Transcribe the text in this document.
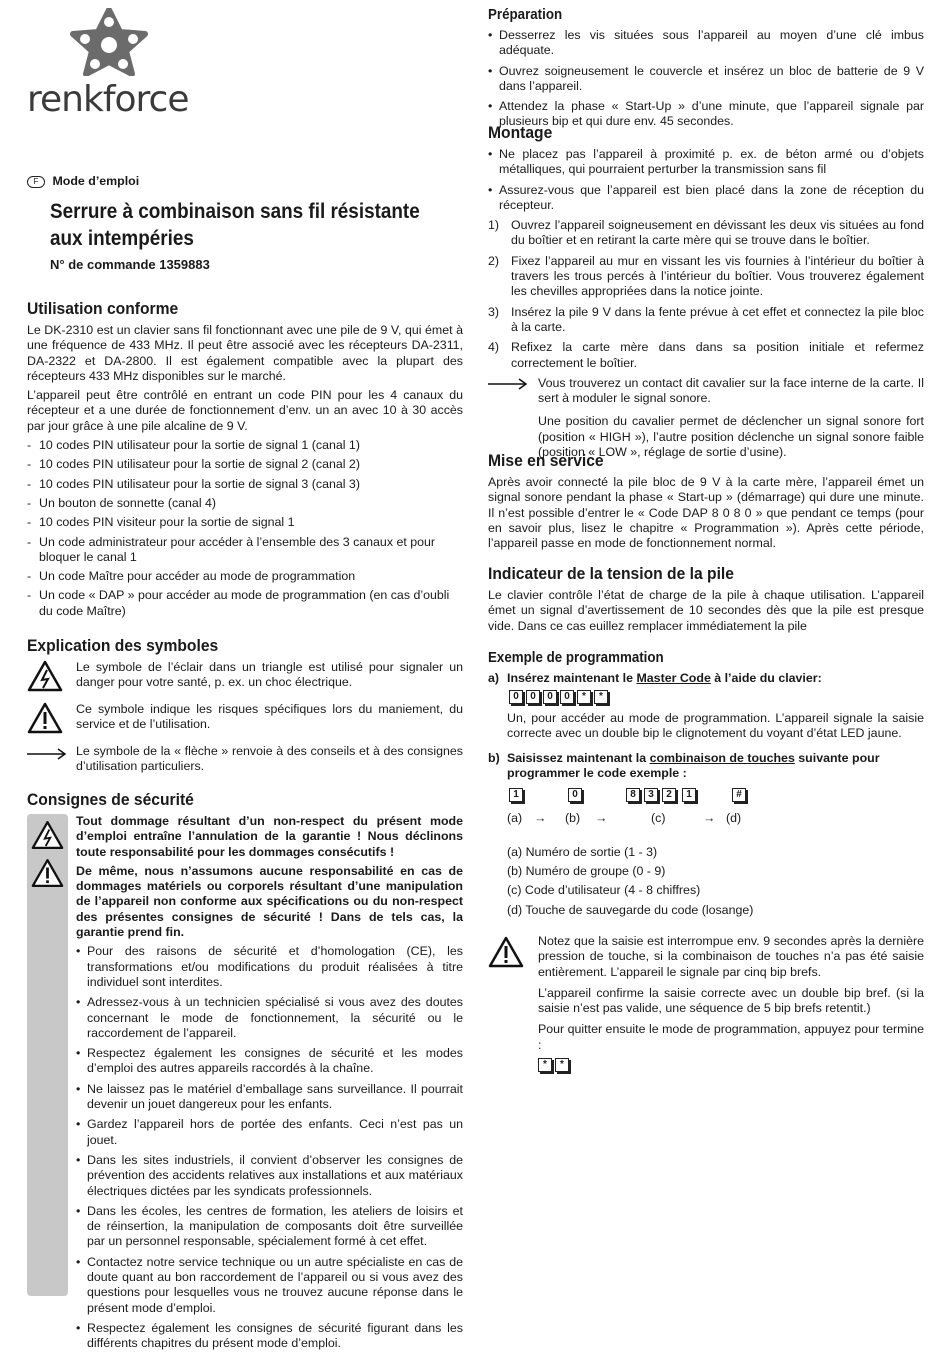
renkforce
F Mode d’emploi
Serrure à combinaison sans fil résistante aux intempéries
N° de commande 1359883
Utilisation conforme

Le DK-2310 est un clavier sans fil fonctionnant avec une pile de 9 V, qui émet à une fréquence de 433 MHz. Il peut être associé avec les récepteurs DA-2311, DA-2322 et DA-2800. Il est également compatible avec la plupart des récepteurs 433 MHz disponibles sur le marché.

L’appareil peut être contrôlé en entrant un code PIN pour les 4 canaux du récepteur et a une durée de fonctionnement d’env. un an avec 10 à 30 accès par jour grâce à une pile alcaline de 9 V.

- 10 codes PIN utilisateur pour la sortie de signal 1 (canal 1)
- 10 codes PIN utilisateur pour la sortie de signal 2 (canal 2)
- 10 codes PIN utilisateur pour la sortie de signal 3 (canal 3)
- Un bouton de sonnette (canal 4)
- 10 codes PIN visiteur pour la sortie de signal 1
- Un code administrateur pour accéder à l’ensemble des 3 canaux et pour bloquer le canal 1
- Un code Maître pour accéder au mode de programmation
- Un code « DAP » pour accéder au mode de programmation (en cas d’oubli du code Maître)
Explication des symboles
Le symbole de l’éclair dans un triangle est utilisé pour signaler un danger pour votre santé, p. ex. un choc électrique.
Ce symbole indique les risques spécifiques lors du maniement, du service et de l’utilisation.
Le symbole de la « flèche » renvoie à des conseils et à des consignes d’utilisation particuliers.
Consignes de sécurité

Tout dommage résultant d’un non-respect du présent mode d’emploi entraîne l’annulation de la garantie ! Nous déclinons toute responsabilité pour les dommages consécutifs !

De même, nous n’assumons aucune responsabilité en cas de dommages matériels ou corporels résultant d’une manipulation de l’appareil non conforme aux spécifications ou du non-respect des présentes consignes de sécurité ! Dans de tels cas, la garantie prend fin.

• Pour des raisons de sécurité et d’homologation (CE), les transformations et/ou modifications du produit réalisées à titre individuel sont interdites.
• Adressez-vous à un technicien spécialisé si vous avez des doutes concernant le mode de fonctionnement, la sécurité ou le raccordement de l’appareil.
• Respectez également les consignes de sécurité et les modes d’emploi des autres appareils raccordés à la chaîne.
• Ne laissez pas le matériel d’emballage sans surveillance. Il pourrait devenir un jouet dangereux pour les enfants.
• Gardez l’appareil hors de portée des enfants. Ceci n’est pas un jouet.
• Dans les sites industriels, il convient d’observer les consignes de prévention des accidents relatives aux installations et aux matériaux électriques dictées par les syndicats professionnels.
• Dans les écoles, les centres de formation, les ateliers de loisirs et de réinsertion, la manipulation de composants doit être surveillée par un personnel responsable, spécialement formé à cet effet.
• Contactez notre service technique ou un autre spécialiste en cas de doute quant au bon raccordement de l’appareil ou si vous avez des questions pour lesquelles vous ne trouvez aucune réponse dans le présent mode d’emploi.
• Respectez également les consignes de sécurité figurant dans les différents chapitres du présent mode d’emploi.
Préparation
• Desserrez les vis situées sous l’appareil au moyen d’une clé imbus adéquate.
• Ouvrez soigneusement le couvercle et insérez un bloc de batterie de 9 V dans l’appareil.
• Attendez la phase « Start-Up » d’une minute, que l’appareil signale par plusieurs bip et qui dure env. 45 secondes.
Montage
• Ne placez pas l’appareil à proximité p. ex. de béton armé ou d’objets métalliques, qui pourraient perturber la transmission sans fil
• Assurez-vous que l’appareil est bien placé dans la zone de réception du récepteur.
1) Ouvrez l’appareil soigneusement en dévissant les deux vis situées au fond du boîtier et en retirant la carte mère qui se trouve dans le boîtier.
2) Fixez l’appareil au mur en vissant les vis fournies à l’intérieur du boîtier à travers les trous percés à l’intérieur du boîtier. Vous trouverez également les chevilles appropriées dans la notice jointe.
3) Insérez la pile 9 V dans la fente prévue à cet effet et connectez la pile bloc à la carte.
4) Refixez la carte mère dans dans sa position initiale et refermez correctement le boîtier.

Vous trouverez un contact dit cavalier sur la face interne de la carte. Il sert à moduler le signal sonore.

Une position du cavalier permet de déclencher un signal sonore fort (position « HIGH »), l’autre position déclenche un signal sonore faible (position « LOW », réglage de sortie d’usine).

Mise en service

Après avoir connecté la pile bloc de 9 V à la carte mère, l’appareil émet un signal sonore pendant la phase « Start-up » (démarrage) qui dure une minute. Il n’est possible d’entrer le « Code DAP 8 0 8 0 » que pendant ce temps (pour en savoir plus, lisez le chapitre « Programmation »). Après cette période, l’appareil passe en mode de fonctionnement normal.

Indicateur de la tension de la pile

Le clavier contrôle l’état de charge de la pile à chaque utilisation. L’appareil émet un signal d’avertissement de 10 secondes dès que la pile est presque vide. Dans ce cas euillez remplacer immédiatement la pile

Exemple de programmation
a) Insérez maintenant le Master Code à l’aide du clavier:
0 0 0 0 * *

Un, pour accéder au mode de programmation. L’appareil signale la saisie correcte avec un double bip le clignotement du voyant d’état LED jaune.

b) Saisissez maintenant la combinaison de touches suivante pour programmer le code exemple :
1	0	8	3	2	1	#
(a) → (b) →	(c)	→ (d)
(a) Numéro de sortie (1 - 3)
(b) Numéro de groupe (0 - 9)
(c) Code d’utilisateur (4 - 8 chiffres)
(d) Touche de sauvegarde du code (losange)

Notez que la saisie est interrompue env. 9 secondes après la dernière pression de touche, si la combinaison de touches n’a pas été saisie entièrement. L’appareil le signale par cinq bip brefs.

L’appareil confirme la saisie correcte avec un double bip bref. (si la saisie n’est pas valide, une séquence de 5 bip brefs retentit.)

Pour quitter ensuite le mode de programmation, appuyez pour termine :

* *
